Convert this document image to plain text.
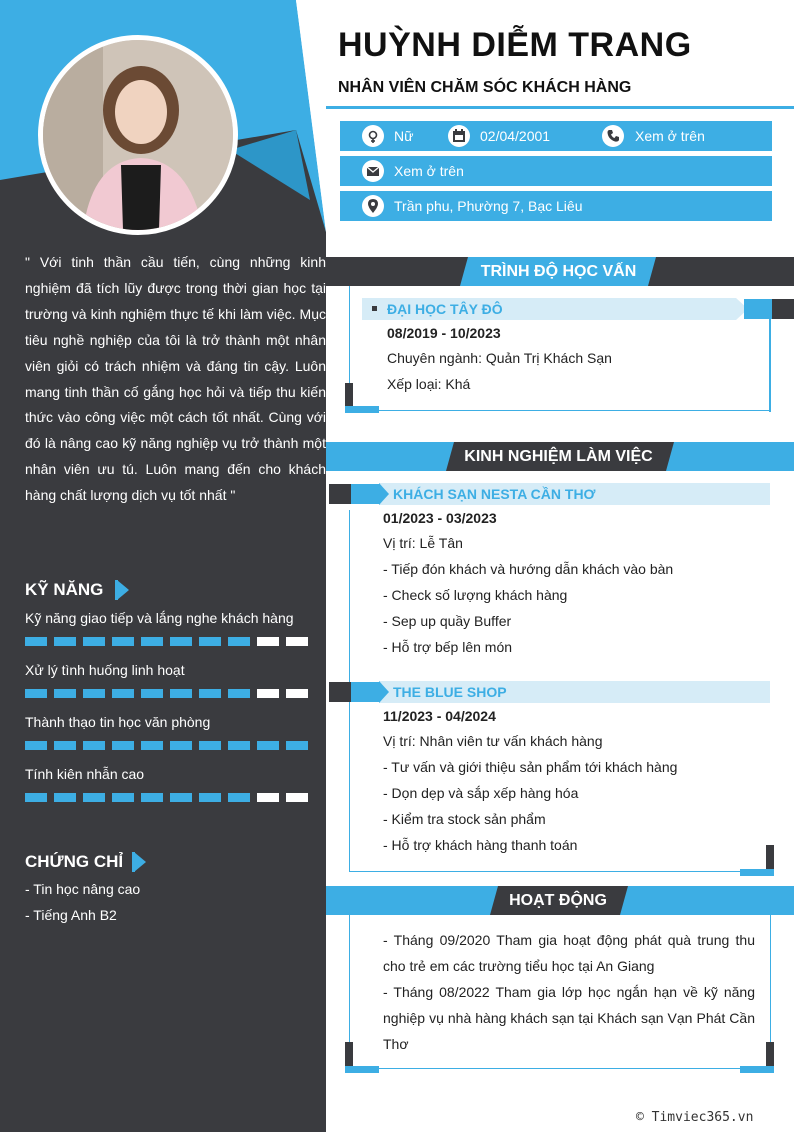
" Với tinh thần cầu tiến, cùng những kinh nghiệm đã tích lũy được trong thời gian học tại trường và kinh nghiệm thực tế khi làm việc. Mục tiêu nghề nghiệp của tôi là trở thành một nhân viên giỏi có trách nhiệm và đáng tin cậy. Luôn mang tinh thần cố gắng học hỏi và tiếp thu kiến thức vào công việc một cách tốt nhất. Cùng với đó là nâng cao kỹ năng nghiệp vụ trở thành một nhân viên ưu tú. Luôn mang đến cho khách hàng chất lượng dịch vụ tốt nhất "
KỸ NĂNG
Kỹ năng giao tiếp và lắng nghe khách hàng
Xử lý tình huống linh hoạt
Thành thạo tin học văn phòng
Tính kiên nhẫn cao
CHỨNG CHỈ
- Tin học nâng cao
- Tiếng Anh B2
HUỲNH DIỄM TRANG
NHÂN VIÊN CHĂM SÓC KHÁCH HÀNG
Nữ	02/04/2001	Xem ở trên
Xem ở trên
Trần phu, Phường 7, Bạc Liêu
TRÌNH ĐỘ HỌC VẤN
ĐẠI HỌC TÂY ĐÔ
08/2019 - 10/2023
Chuyên ngành: Quản Trị Khách Sạn
Xếp loại: Khá
KINH NGHIỆM LÀM VIỆC
KHÁCH SẠN NESTA CẦN THƠ
01/2023 - 03/2023
Vị trí: Lễ Tân
- Tiếp đón khách và hướng dẫn khách vào bàn
- Check số lượng khách hàng
- Sep up quầy Buffer
- Hỗ trợ bếp lên món
THE BLUE SHOP
11/2023 - 04/2024
Vị trí: Nhân viên tư vấn khách hàng
- Tư vấn và giới thiệu sản phẩm tới khách hàng
- Dọn dẹp và sắp xếp hàng hóa
- Kiểm tra stock sản phẩm
- Hỗ trợ khách hàng thanh toán
HOẠT ĐỘNG
- Tháng 09/2020 Tham gia hoạt động phát quà trung thu cho trẻ em các trường tiểu học tại An Giang
- Tháng 08/2022 Tham gia lớp học ngắn hạn về kỹ năng nghiệp vụ nhà hàng khách sạn tại Khách sạn Vạn Phát Cần Thơ
© Timviec365.vn
